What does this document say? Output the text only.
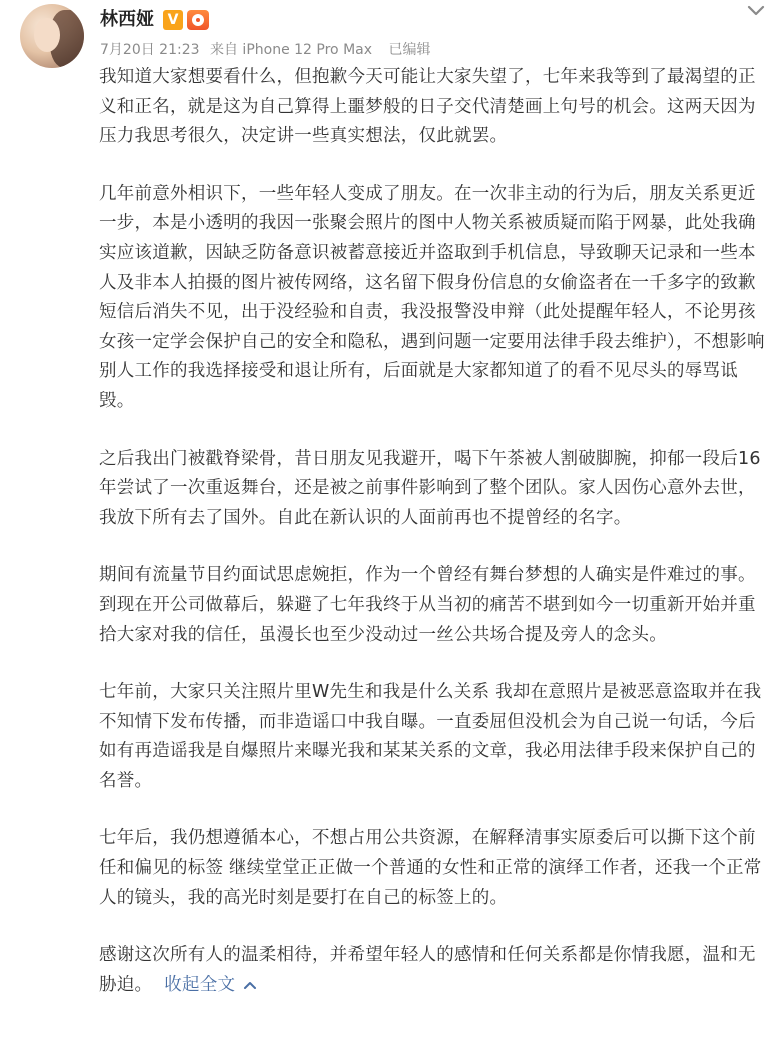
林西娅 V
7月20日 21:23 来自 iPhone 12 Pro Max 已编辑

我知道大家想要看什么，但抱歉今天可能让大家失望了，七年来我等到了最渴望的正义和正名，就是这为自己算得上噩梦般的日子交代清楚画上句号的机会。这两天因为压力我思考很久，决定讲一些真实想法，仅此就罢。

几年前意外相识下，一些年轻人变成了朋友。在一次非主动的行为后，朋友关系更近一步，本是小透明的我因一张聚会照片的图中人物关系被质疑而陷于网暴，此处我确实应该道歉，因缺乏防备意识被蓄意接近并盗取到手机信息，导致聊天记录和一些本人及非本人拍摄的图片被传网络，这名留下假身份信息的女偷盗者在一千多字的致歉短信后消失不见，出于没经验和自责，我没报警没申辩（此处提醒年轻人，不论男孩女孩一定学会保护自己的安全和隐私，遇到问题一定要用法律手段去维护），不想影响别人工作的我选择接受和退让所有，后面就是大家都知道了的看不见尽头的辱骂诋毁。

之后我出门被戳脊梁骨，昔日朋友见我避开，喝下午茶被人割破脚腕，抑郁一段后16年尝试了一次重返舞台，还是被之前事件影响到了整个团队。家人因伤心意外去世，我放下所有去了国外。自此在新认识的人面前再也不提曾经的名字。

期间有流量节目约面试思虑婉拒，作为一个曾经有舞台梦想的人确实是件难过的事。到现在开公司做幕后，躲避了七年我终于从当初的痛苦不堪到如今一切重新开始并重拾大家对我的信任，虽漫长也至少没动过一丝公共场合提及旁人的念头。

七年前，大家只关注照片里W先生和我是什么关系 我却在意照片是被恶意盗取并在我不知情下发布传播，而非造谣口中我自曝。一直委屈但没机会为自己说一句话，今后如有再造谣我是自爆照片来曝光我和某某关系的文章，我必用法律手段来保护自己的名誉。

七年后，我仍想遵循本心，不想占用公共资源，在解释清事实原委后可以撕下这个前任和偏见的标签 继续堂堂正正做一个普通的女性和正常的演绎工作者，还我一个正常人的镜头，我的高光时刻是要打在自己的标签上的。

感谢这次所有人的温柔相待，并希望年轻人的感情和任何关系都是你情我愿，温和无胁迫。 收起全文
